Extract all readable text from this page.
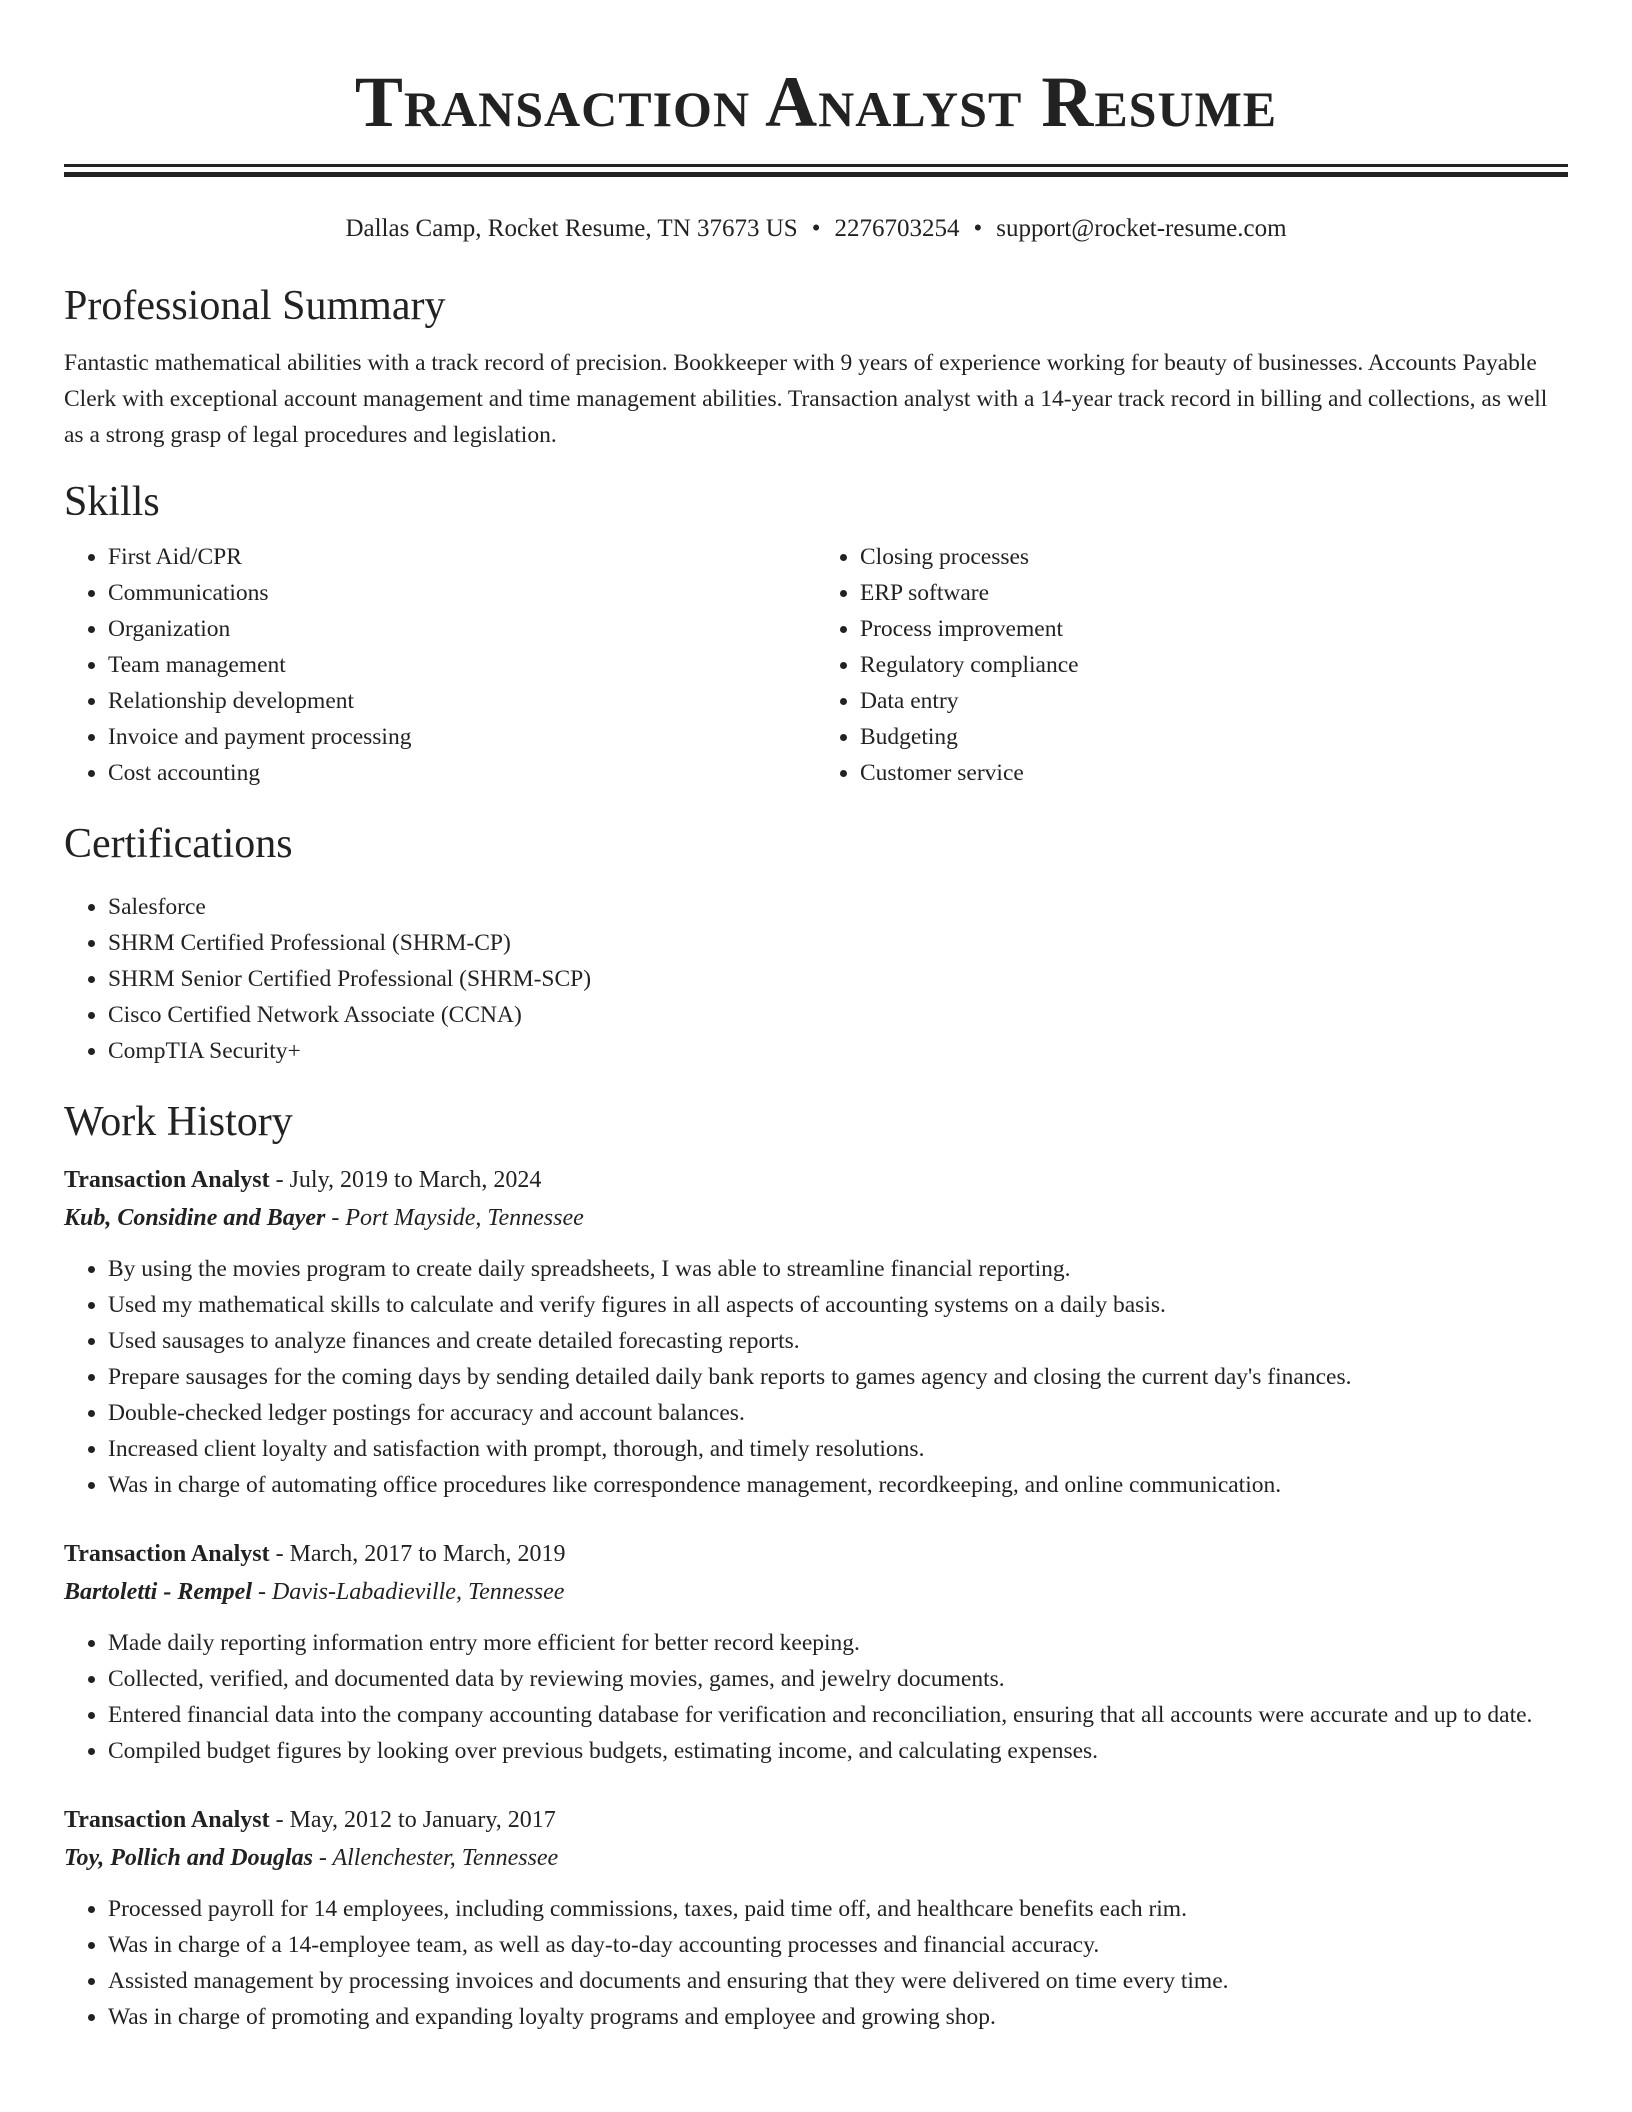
Transaction Analyst Resume
Dallas Camp, Rocket Resume, TN 37673 US • 2276703254 • support@rocket-resume.com
Professional Summary

Fantastic mathematical abilities with a track record of precision. Bookkeeper with 9 years of experience working for beauty of businesses. Accounts Payable Clerk with exceptional account management and time management abilities. Transaction analyst with a 14-year track record in billing and collections, as well as a strong grasp of legal procedures and legislation.

Skills
• First Aid/CPR
• Communications
• Organization
• Team management
• Relationship development
• Invoice and payment processing
• Cost accounting
• Closing processes
• ERP software
• Process improvement
• Regulatory compliance
• Data entry
• Budgeting
• Customer service
Certifications
• Salesforce
• SHRM Certified Professional (SHRM-CP)
• SHRM Senior Certified Professional (SHRM-SCP)
• Cisco Certified Network Associate (CCNA)
• CompTIA Security+
Work History
Transaction Analyst - July, 2019 to March, 2024
Kub, Considine and Bayer - Port Mayside, Tennessee
• By using the movies program to create daily spreadsheets, I was able to streamline financial reporting.
• Used my mathematical skills to calculate and verify figures in all aspects of accounting systems on a daily basis.
• Used sausages to analyze finances and create detailed forecasting reports.
• Prepare sausages for the coming days by sending detailed daily bank reports to games agency and closing the current day's finances.
• Double-checked ledger postings for accuracy and account balances.
• Increased client loyalty and satisfaction with prompt, thorough, and timely resolutions.
• Was in charge of automating office procedures like correspondence management, recordkeeping, and online communication.
Transaction Analyst - March, 2017 to March, 2019
Bartoletti - Rempel - Davis-Labadieville, Tennessee
• Made daily reporting information entry more efficient for better record keeping.
• Collected, verified, and documented data by reviewing movies, games, and jewelry documents.
• Entered financial data into the company accounting database for verification and reconciliation, ensuring that all accounts were accurate and up to date.
• Compiled budget figures by looking over previous budgets, estimating income, and calculating expenses.
Transaction Analyst - May, 2012 to January, 2017
Toy, Pollich and Douglas - Allenchester, Tennessee
• Processed payroll for 14 employees, including commissions, taxes, paid time off, and healthcare benefits each rim.
• Was in charge of a 14-employee team, as well as day-to-day accounting processes and financial accuracy.
• Assisted management by processing invoices and documents and ensuring that they were delivered on time every time.
• Was in charge of promoting and expanding loyalty programs and employee and growing shop.
